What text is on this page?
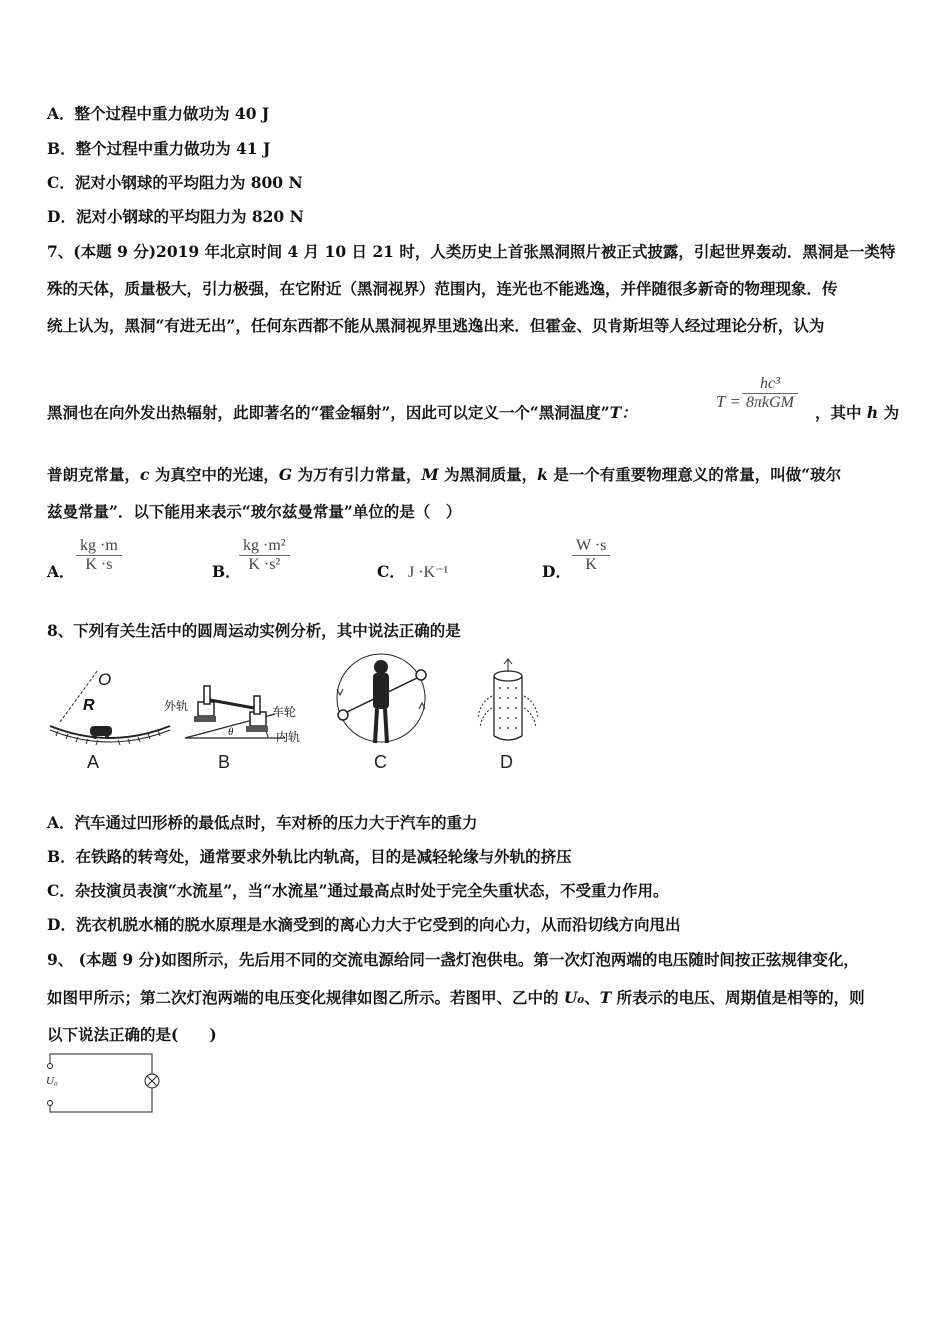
A．整个过程中重力做功为 40 J
B．整个过程中重力做功为 41 J
C．泥对小钢球的平均阻力为 800 N
D．泥对小钢球的平均阻力为 820 N
7、(本题 9 分)2019 年北京时间 4 月 10 日 21 时，人类历史上首张黑洞照片被正式披露，引起世界轰动．黑洞是一类特
殊的天体，质量极大，引力极强，在它附近（黑洞视界）范围内，连光也不能逃逸，并伴随很多新奇的物理现象．传
统上认为，黑洞“有进无出”，任何东西都不能从黑洞视界里逃逸出来．但霍金、贝肯斯坦等人经过理论分析，认为
黑洞也在向外发出热辐射，此即著名的“霍金辐射”，因此可以定义一个“黑洞温度”T：
T =
hc³
8πkGM
，其中 h 为
普朗克常量，c 为真空中的光速，G 为万有引力常量，M 为黑洞质量，k 是一个有重要物理意义的常量，叫做“玻尔
兹曼常量”．以下能用来表示“玻尔兹曼常量”单位的是（　）
A． $\frac{kg \cdot m}{K \cdot s}$	B．
$\frac{\text{kg ·m²}}{\text{K ·s²}}$	C． J ·K⁻¹	D． $\frac{W \cdot s}{K}$
8、下列有关生活中的圆周运动实例分析，其中说法正确的是
O
R
A
外轨	车轮
内轨
θ
B	C	D
A．汽车通过凹形桥的最低点时，车对桥的压力大于汽车的重力
B．在铁路的转弯处，通常要求外轨比内轨高，目的是减轻轮缘与外轨的挤压
C．杂技演员表演“水流星”，当“水流星”通过最高点时处于完全失重状态，不受重力作用。
D．洗衣机脱水桶的脱水原理是水滴受到的离心力大于它受到的向心力，从而沿切线方向甩出
9、 (本题 9 分)如图所示，先后用不同的交流电源给同一盏灯泡供电。第一次灯泡两端的电压随时间按正弦规律变化，
如图甲所示；第二次灯泡两端的电压变化规律如图乙所示。若图甲、乙中的 U₀、T 所表示的电压、周期值是相等的，则
以下说法正确的是(　　)
U₀
